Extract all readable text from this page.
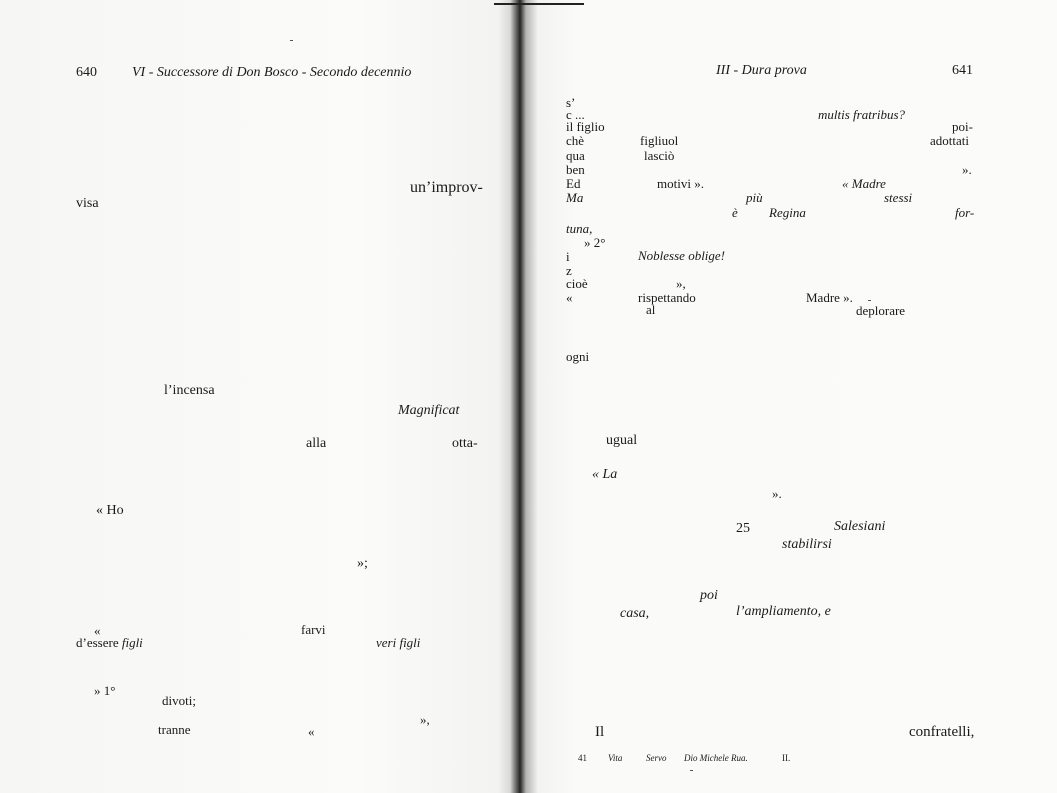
640	VI - Successore di Don Bosco - Secondo decennio
un’improv-
visa
l’incensa
Magnificat
alla	otta-
« Ho
»;
«	farvi
d’essere figli	veri figli
» 1°
divoti;
»,
tranne	«
III - Dura prova	641
s’
c ...
il figlio
chè
qua
ben
Ed
Ma
multis fratribus?
figliuol
poi-
lasciò
adottati
».
motivi ».	« Madre
più	stessi
è Regina	for-
tuna,
» 2°
i	Noblesse oblige!
z
cioè	»,
«	rispettando	Madre ».
al	deplorare
ogni
ugual
« La
».
25	Salesiani
stabilirsi
poi
casa,	l’ampliamento, e
Il	confratelli,
41 Vita	Servo Dio Michele Rua.	II.
